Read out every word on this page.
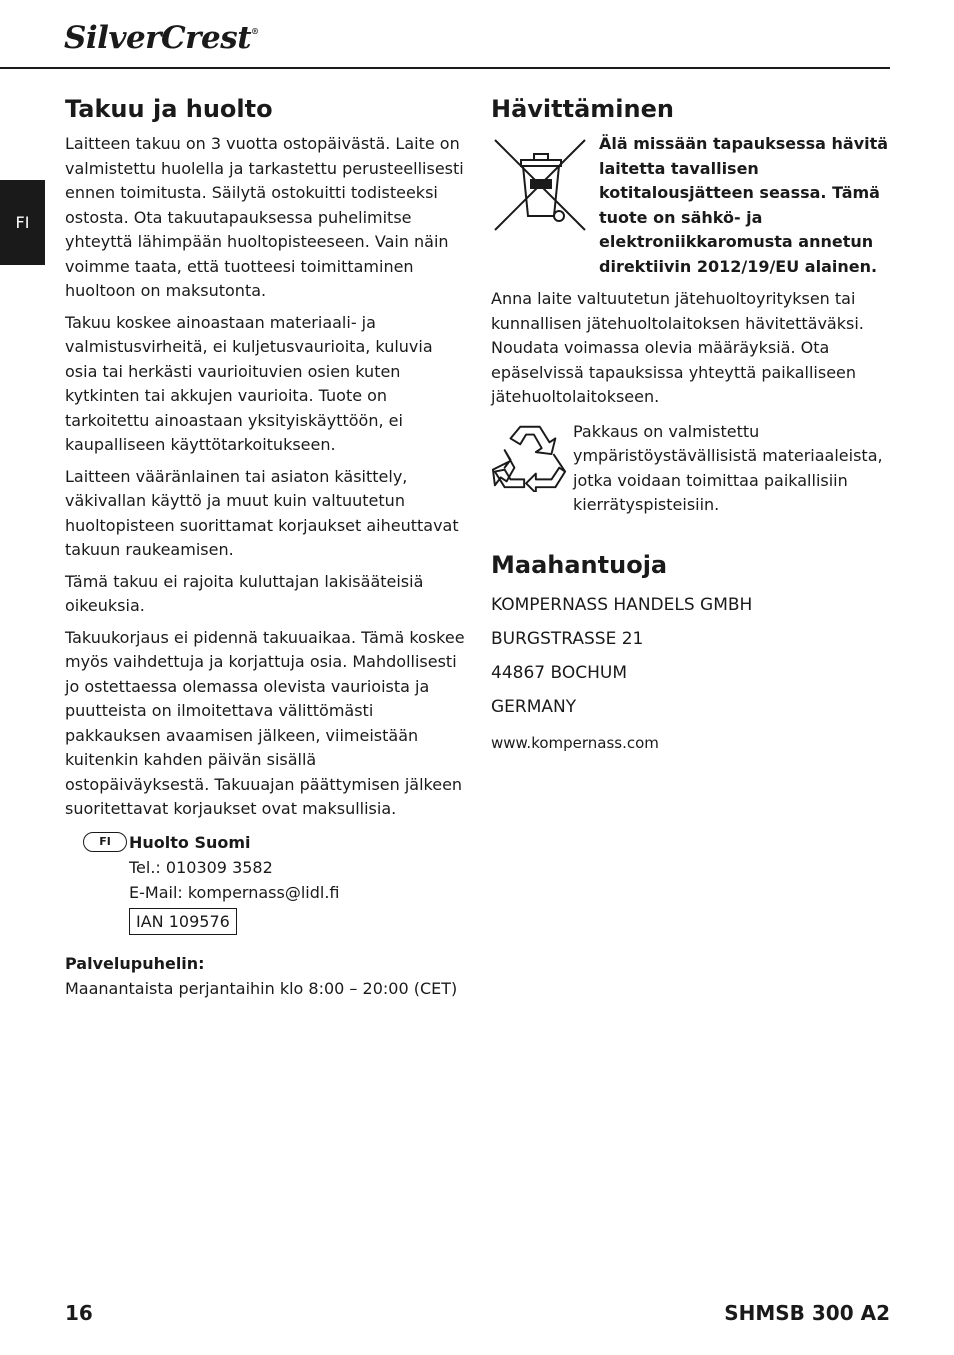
SilverCrest®
FI
Takuu ja huolto

Laitteen takuu on 3 vuotta ostopäivästä. Laite on valmistettu huolella ja tarkastettu perusteellisesti ennen toimitusta. Säilytä ostokuitti todisteeksi ostosta. Ota takuutapauksessa puhelimitse yhteyttä lähimpään huoltopisteeseen. Vain näin voimme taata, että tuotteesi toimittaminen huoltoon on maksutonta.

Takuu koskee ainoastaan materiaali- ja valmistusvirheitä, ei kuljetusvaurioita, kuluvia osia tai herkästi vaurioituvien osien kuten kytkinten tai akkujen vaurioita. Tuote on tarkoitettu ainoastaan yksityiskäyttöön, ei kaupalliseen käyttötarkoitukseen.

Laitteen vääränlainen tai asiaton käsittely, väkivallan käyttö ja muut kuin valtuutetun huoltopisteen suorittamat korjaukset aiheuttavat takuun raukeamisen.

Tämä takuu ei rajoita kuluttajan lakisääteisiä oikeuksia.

Takuukorjaus ei pidennä takuuaikaa. Tämä koskee myös vaihdettuja ja korjattuja osia. Mahdollisesti jo ostettaessa olemassa olevista vaurioista ja puutteista on ilmoitettava välittömästi pakkauksen avaamisen jälkeen, viimeistään kuitenkin kahden päivän sisällä ostopäiväyksestä. Takuuajan päättymisen jälkeen suoritettavat korjaukset ovat maksullisia.

FI	Huolto Suomi
Tel.: 010309 3582
E-Mail: kompernass@lidl.fi
IAN 109576
Palvelupuhelin:
Maanantaista perjantaihin klo 8:00 – 20:00 (CET)
Hävittäminen
Älä missään tapauksessa hävitä laitetta tavallisen kotitalousjätteen seassa. Tämä tuote on sähkö- ja elektroniikkaromusta annetun direktiivin 2012/19/EU alainen.

Anna laite valtuutetun jätehuoltoyrityksen tai kunnallisen jätehuoltolaitoksen hävitettäväksi. Noudata voimassa olevia määräyksiä. Ota epäselvissä tapauksissa yhteyttä paikalliseen jätehuoltolaitokseen.

Pakkaus on valmistettu ympäristöystävällisistä materiaaleista, jotka voidaan toimittaa paikallisiin kierrätyspisteisiin.
Maahantuoja
KOMPERNASS HANDELS GMBH
BURGSTRASSE 21
44867 BOCHUM
GERMANY
www.kompernass.com
16	SHMSB 300 A2
